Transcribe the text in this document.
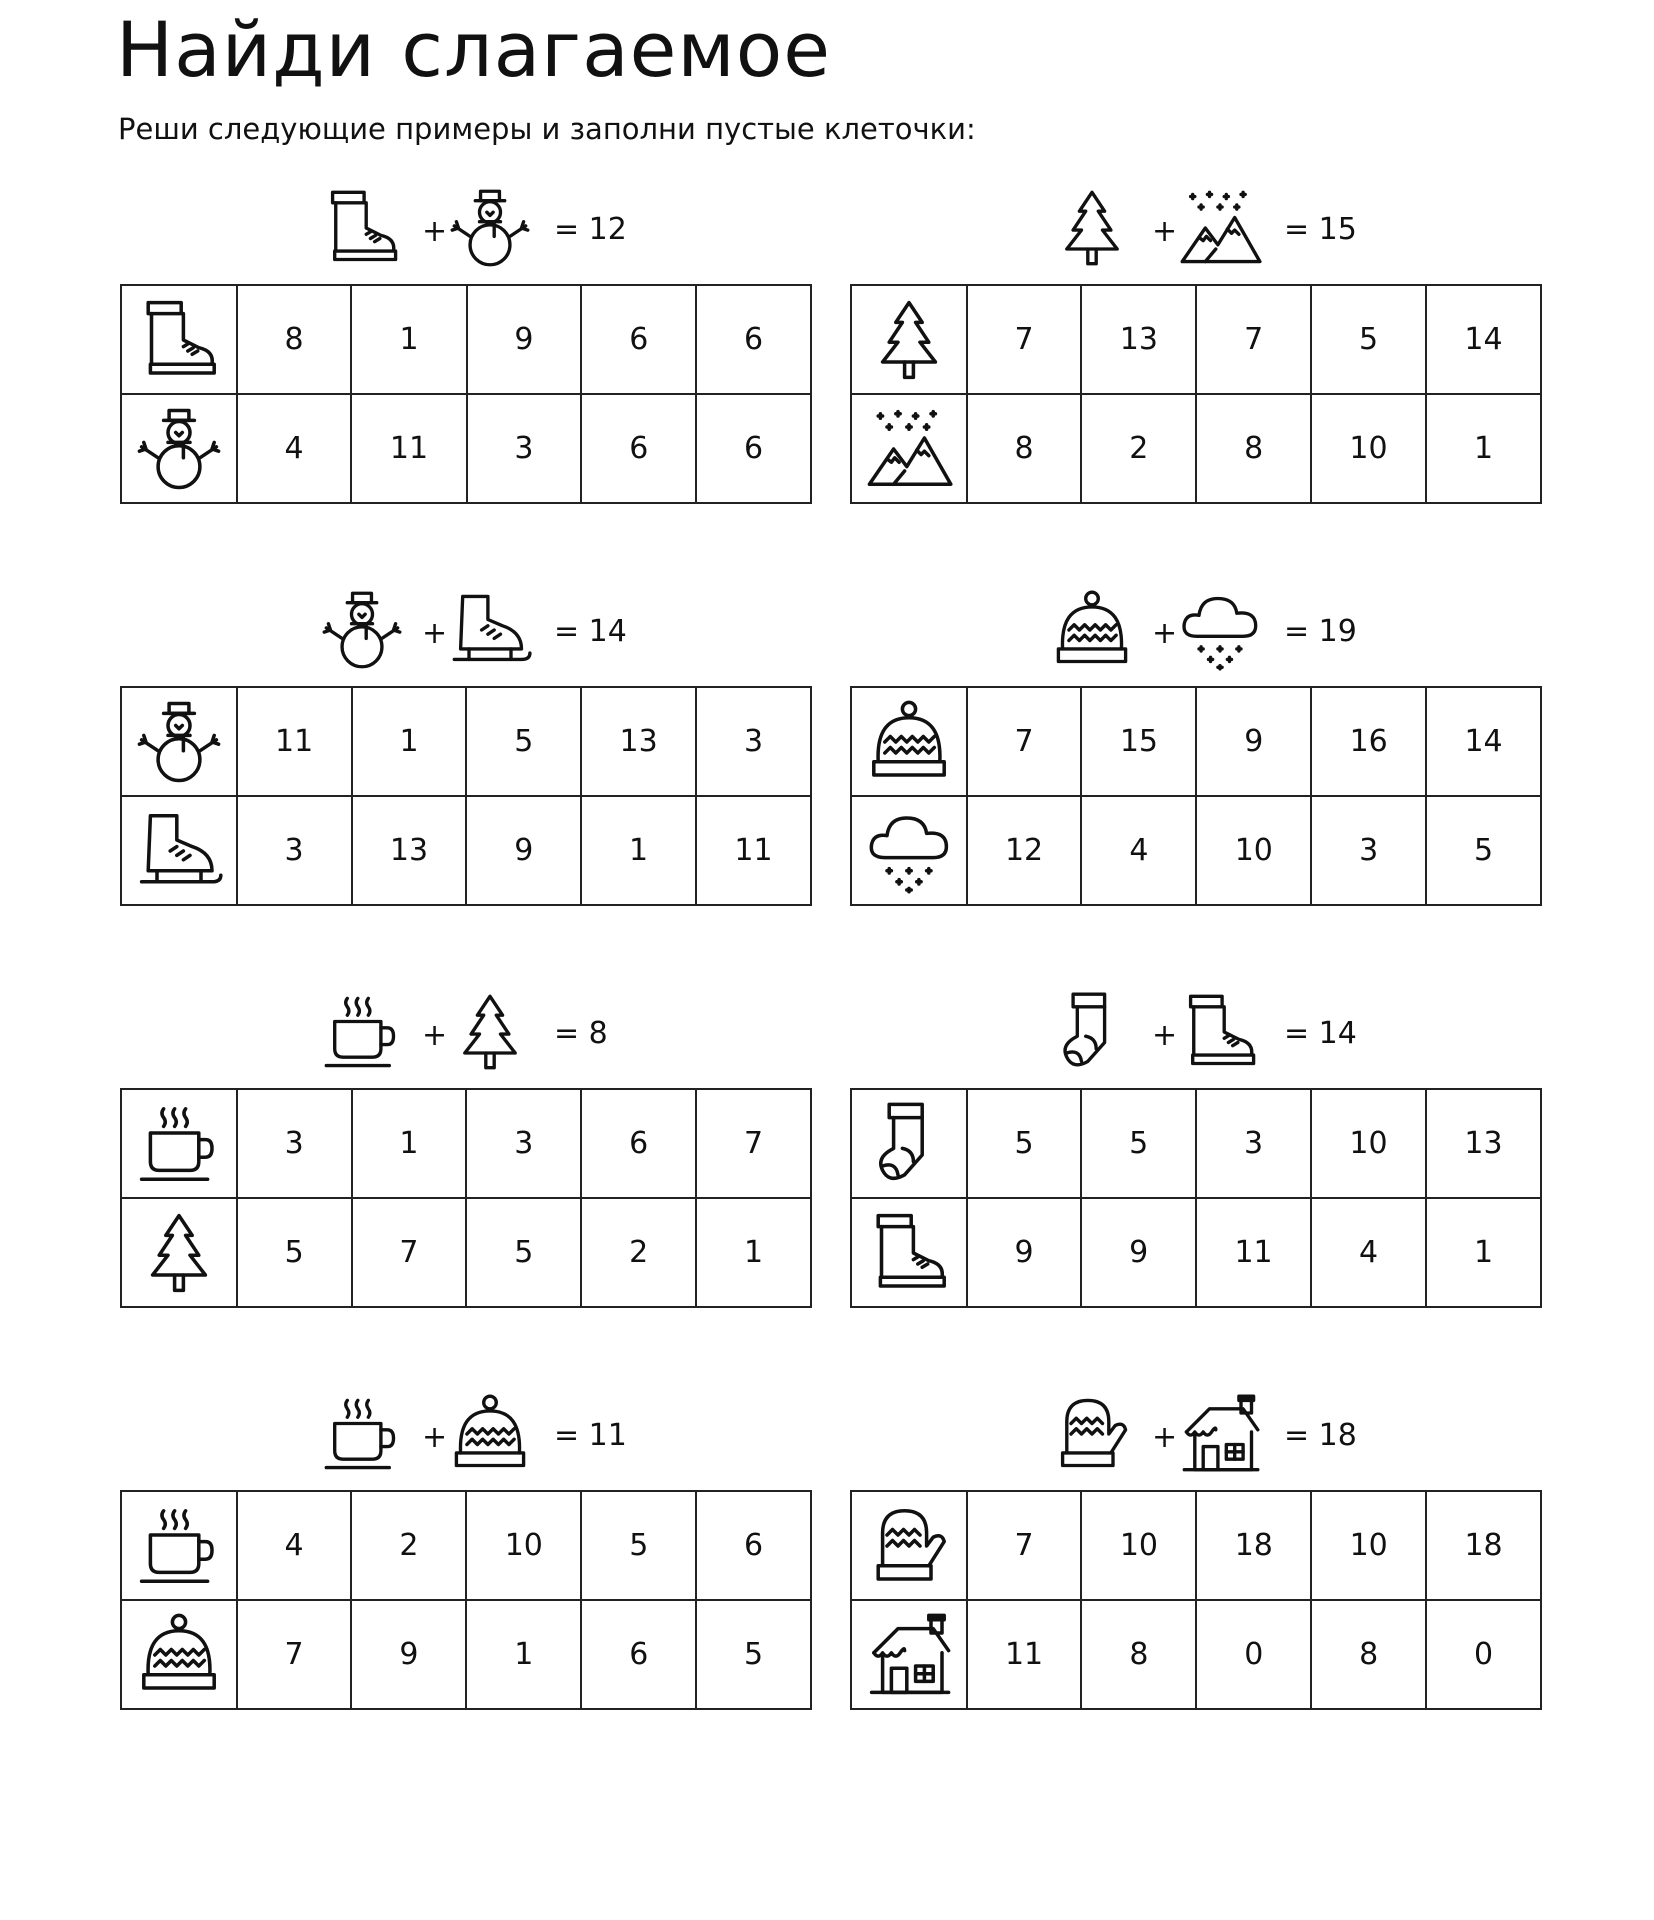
Найди слагаемое

Реши следующие примеры и заполни пустые клеточки:

+	= 12
	8	1	9	6	6

	4	11	3	6	6
+	= 15
	7	13	7	5	14

	8	2	8	10	1
+	= 14
	11	1	5	13	3

	3	13	9	1	11
+	= 19
	7	15	9	16	14

	12	4	10	3	5
+	= 8
	3	1	3	6	7

	5	7	5	2	1
+	= 14
	5	5	3	10	13

	9	9	11	4	1
+	= 11
	4	2	10	5	6

	7	9	1	6	5
+	= 18
	7	10	18	10	18

	11	8	0	8	0
